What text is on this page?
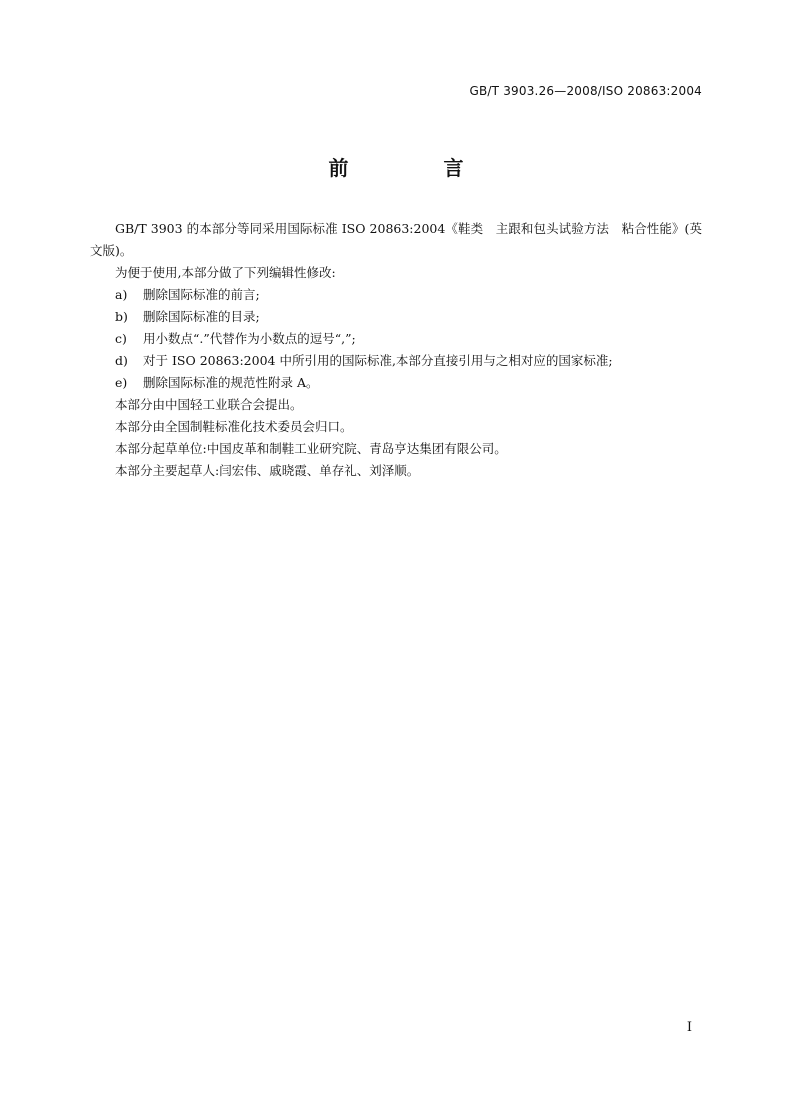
GB/T 3903.26—2008/ISO 20863:2004
前 言

GB/T 3903 的本部分等同采用国际标准 ISO 20863:2004《鞋类　主跟和包头试验方法　粘合性能》(英文版)。

为便于使用,本部分做了下列编辑性修改:

a) 删除国际标准的前言;

b) 删除国际标准的目录;

c) 用小数点“.”代替作为小数点的逗号“,”;

d) 对于 ISO 20863:2004 中所引用的国际标准,本部分直接引用与之相对应的国家标准;

e) 删除国际标准的规范性附录 A。

本部分由中国轻工业联合会提出。

本部分由全国制鞋标准化技术委员会归口。

本部分起草单位:中国皮革和制鞋工业研究院、青岛亨达集团有限公司。

本部分主要起草人:闫宏伟、戚晓霞、单存礼、刘泽顺。

I
